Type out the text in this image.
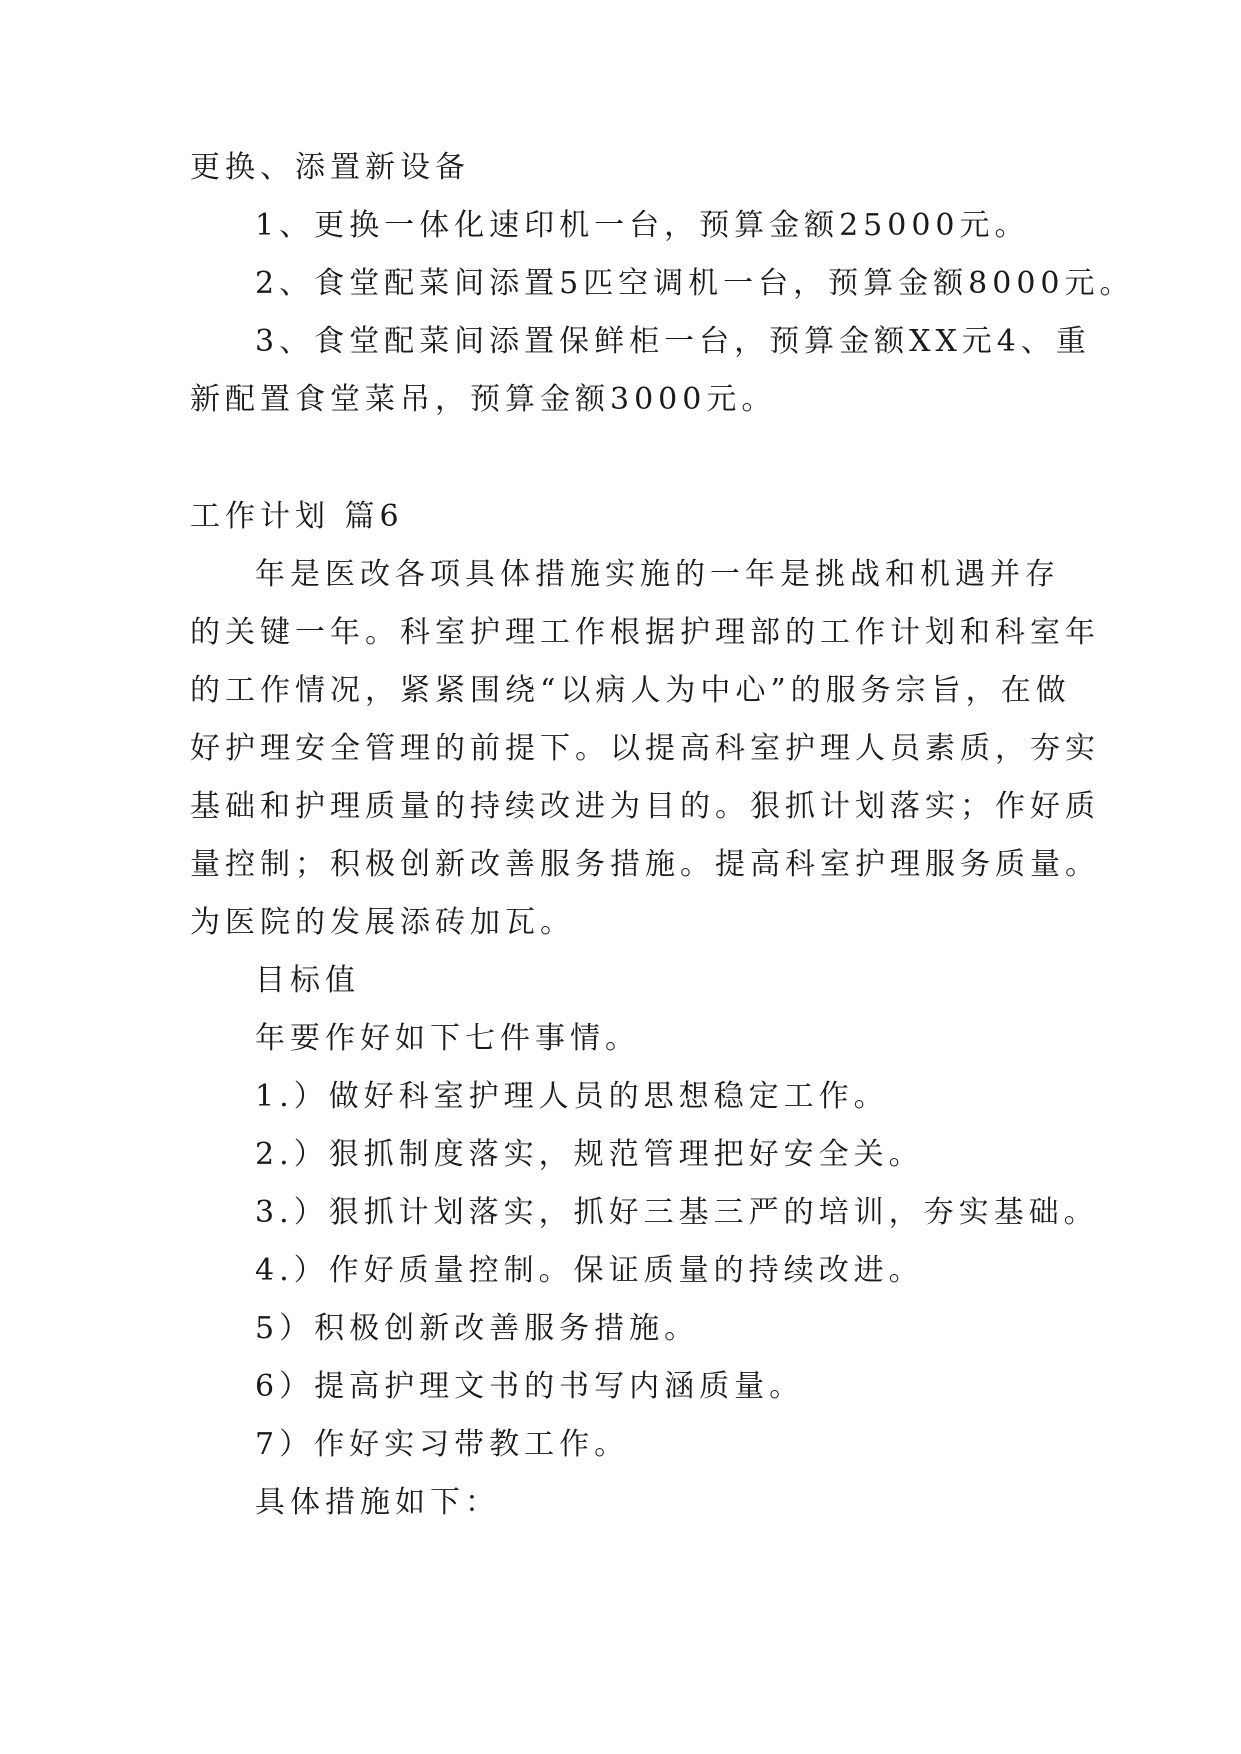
更换、添置新设备
1、更换一体化速印机一台，预算金额25000元。
2、食堂配菜间添置5匹空调机一台，预算金额8000元。
3、食堂配菜间添置保鲜柜一台，预算金额XX元4、重
新配置食堂菜吊，预算金额3000元。
工作计划 篇6
年是医改各项具体措施实施的一年是挑战和机遇并存
的关键一年。科室护理工作根据护理部的工作计划和科室年
的工作情况，紧紧围绕“以病人为中心”的服务宗旨，在做
好护理安全管理的前提下。以提高科室护理人员素质，夯实
基础和护理质量的持续改进为目的。狠抓计划落实；作好质
量控制；积极创新改善服务措施。提高科室护理服务质量。
为医院的发展添砖加瓦。
目标值
年要作好如下七件事情。
1.）做好科室护理人员的思想稳定工作。
2.）狠抓制度落实，规范管理把好安全关。
3.）狠抓计划落实，抓好三基三严的培训，夯实基础。
4.）作好质量控制。保证质量的持续改进。
5）积极创新改善服务措施。
6）提高护理文书的书写内涵质量。
7）作好实习带教工作。
具体措施如下：
